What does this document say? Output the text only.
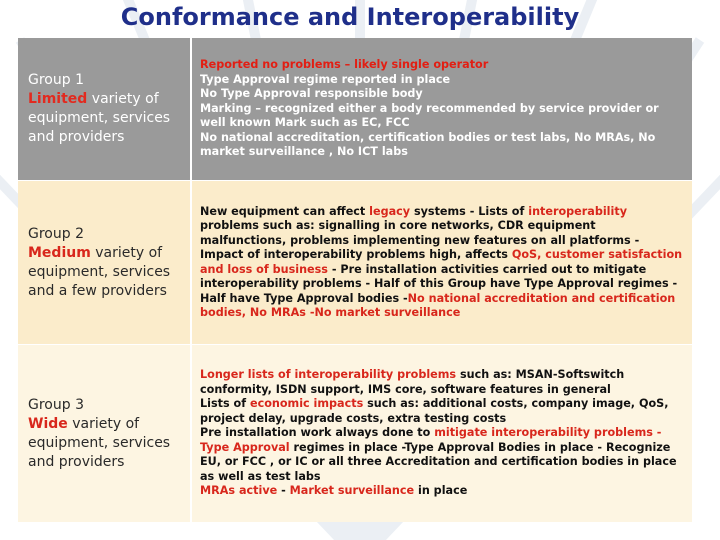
Conformance and Interoperability
Group 1
Limited variety of equipment, services and providers
Reported no problems – likely single operator
Type Approval regime reported in place
No Type Approval responsible body
Marking – recognized either a body recommended by service provider or well known Mark such as EC, FCC
No national accreditation, certification bodies or test labs, No MRAs, No market surveillance , No ICT labs
Group 2
Medium variety of equipment, services and a few providers
New equipment can affect legacy systems - Lists of interoperability problems such as: signalling in core networks, CDR equipment malfunctions, problems implementing new features on all platforms - Impact of interoperability problems high, affects QoS, customer satisfaction and loss of business - Pre installation activities carried out to mitigate interoperability problems - Half of this Group have Type Approval regimes - Half have Type Approval bodies -No national accreditation and certification bodies, No MRAs -No market surveillance
Group 3
Wide variety of equipment, services and providers
Longer lists of interoperability problems such as: MSAN-Softswitch conformity, ISDN support, IMS core, software features in general
Lists of economic impacts such as: additional costs, company image, QoS, project delay, upgrade costs, extra testing costs
Pre installation work always done to mitigate interoperability problems - Type Approval regimes in place -Type Approval Bodies in place - Recognize EU, or FCC , or IC or all three Accreditation and certification bodies in place as well as test labs
MRAs active - Market surveillance in place
